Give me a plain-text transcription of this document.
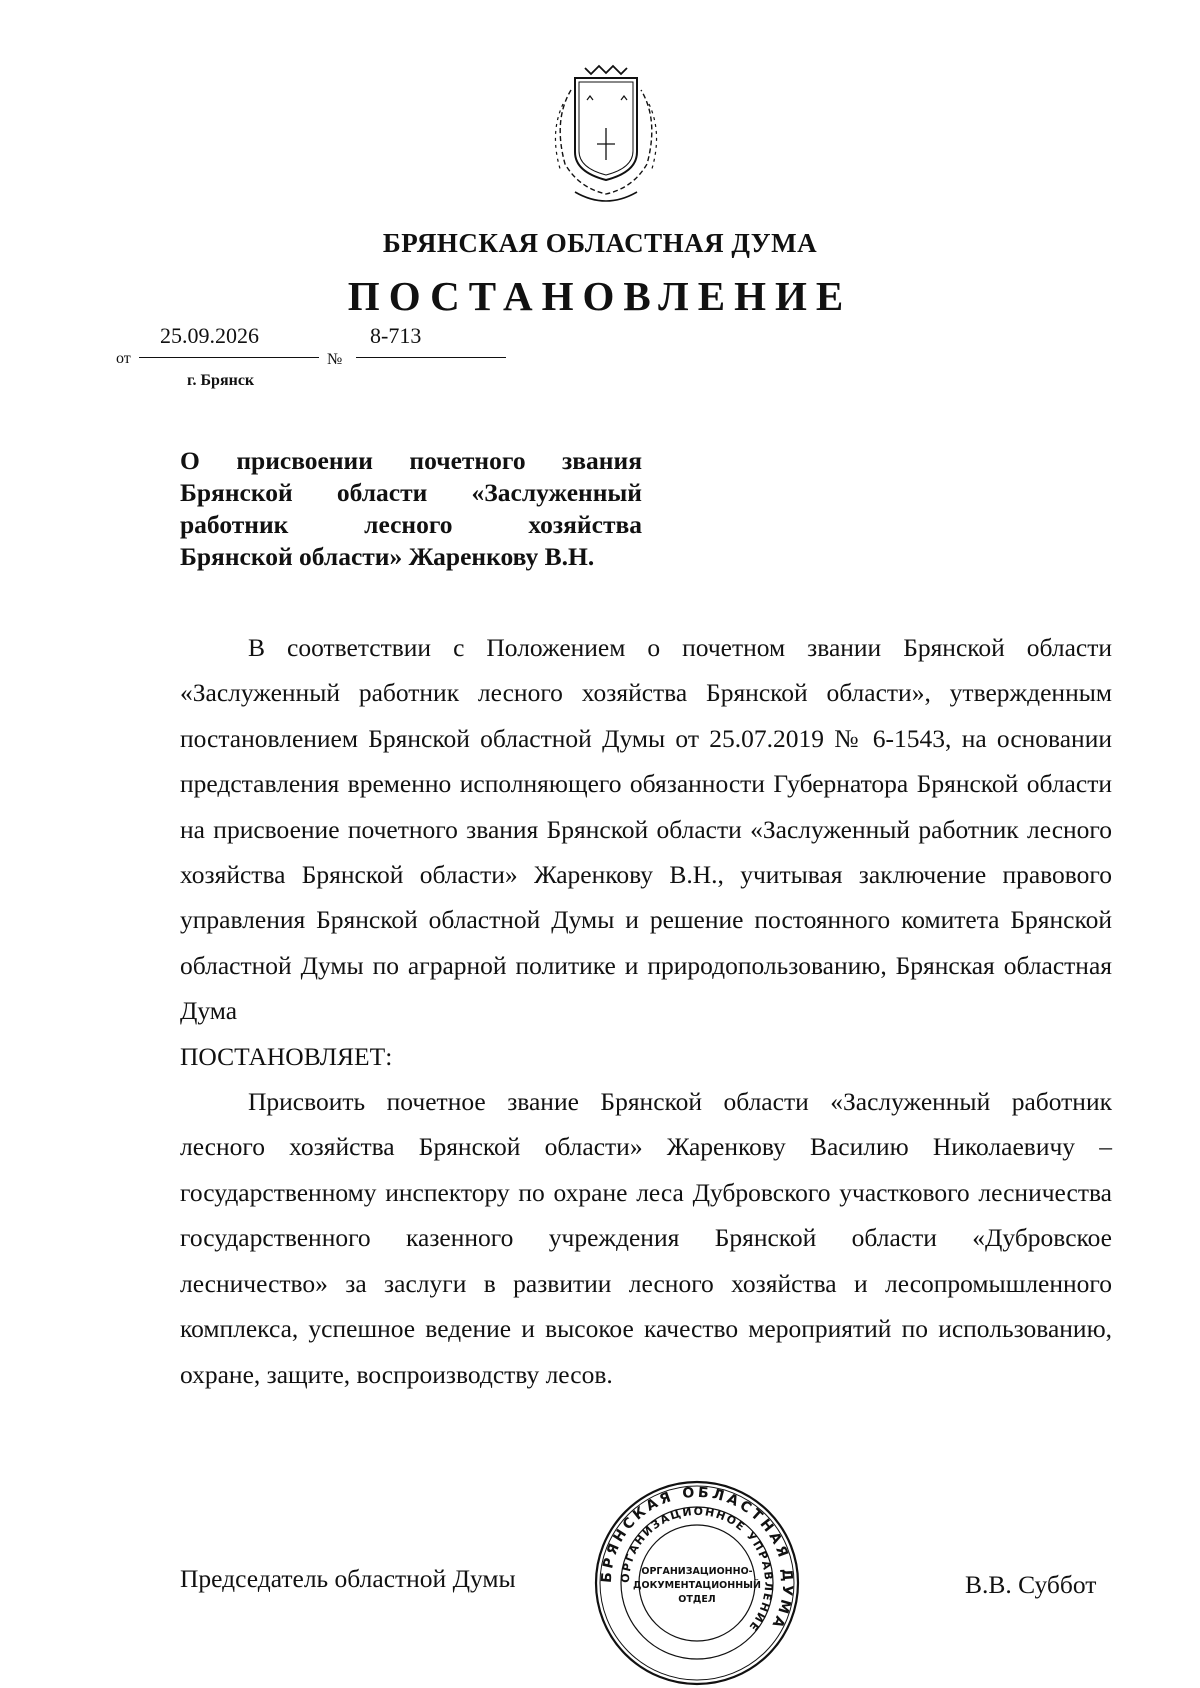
БРЯНСКАЯ ОБЛАСТНАЯ ДУМА
ПОСТАНОВЛЕНИЕ
от
25.09.2026
№
8-713
г. Брянск
О присвоении почетного звания
Брянской области «Заслуженный
работник лесного хозяйства
Брянской области» Жаренкову В.Н.

В соответствии с Положением о почетном звании Брянской области «Заслуженный работник лесного хозяйства Брянской области», утвержденным постановлением Брянской областной Думы от 25.07.2019 № 6-1543, на основании представления временно исполняющего обязанности Губернатора Брянской области на присвоение почетного звания Брянской области «Заслуженный работник лесного хозяйства Брянской области» Жаренкову В.Н., учитывая заключение правового управления Брянской областной Думы и решение постоянного комитета Брянской областной Думы по аграрной политике и природопользованию, Брянская областная Дума

ПОСТАНОВЛЯЕТ:

Присвоить почетное звание Брянской области «Заслуженный работник лесного хозяйства Брянской области» Жаренкову Василию Николаевичу – государственному инспектору по охране леса Дубровского участкового лесничества государственного казенного учреждения Брянской области «Дубровское лесничество» за заслуги в развитии лесного хозяйства и лесопромышленного комплекса, успешное ведение и высокое качество мероприятий по использованию, охране, защите, воспроизводству лесов.

Председатель областной Думы	В.В. Суббот
БРЯНСКАЯ ОБЛАСТНАЯ ДУМА
ОРГАНИЗАЦИОННОЕ УПРАВЛЕНИЕ
ОРГАНИЗАЦИОННО-
ДОКУМЕНТАЦИОННЫЙ
ОТДЕЛ
